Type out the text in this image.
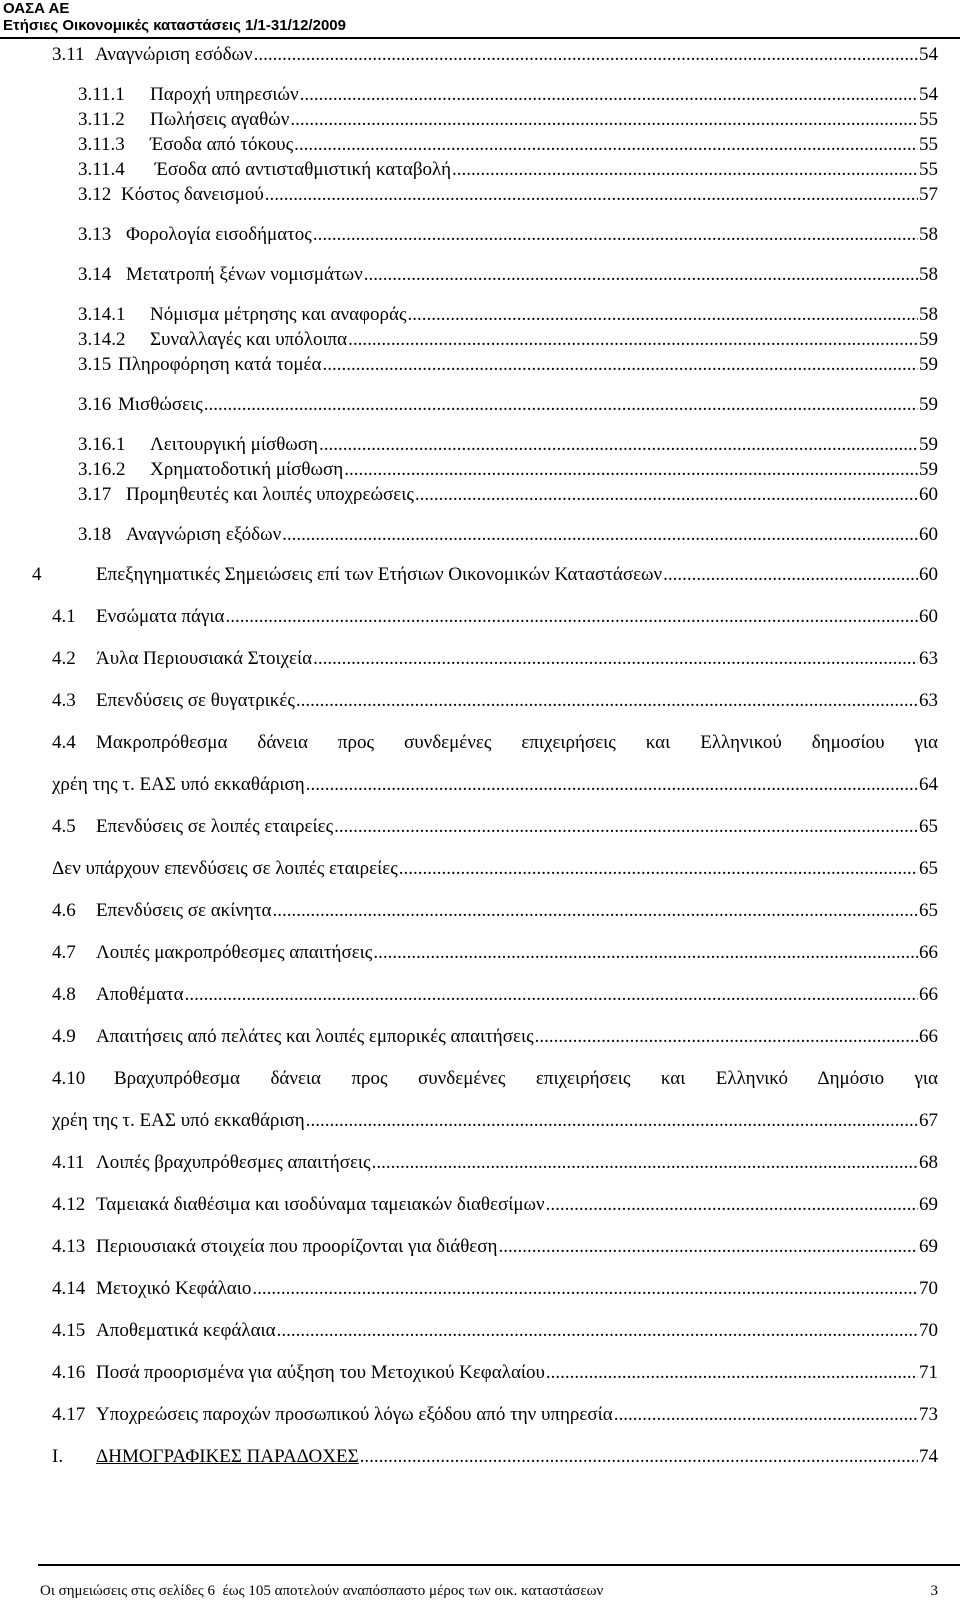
ΟΑΣΑ ΑΕ
Ετήσιες Οικονομικές καταστάσεις 1/1-31/12/2009
3.11 Αναγνώριση εσόδων .....	54
3.11.1	Παροχή υπηρεσιών .....	54
3.11.2	Πωλήσεις αγαθών .....	55
3.11.3	Έσοδα από τόκους .....	55
3.11.4	Έσοδα από αντισταθμιστική καταβολή .....	55
3.12 Κόστος δανεισμού .....	57
3.13 Φορολογία εισοδήματος .....	58
3.14 Μετατροπή ξένων νομισμάτων .....	58
3.14.1	Νόμισμα μέτρησης και αναφοράς .....	58
3.14.2	Συναλλαγές και υπόλοιπα .....	59
3.15 Πληροφόρηση κατά τομέα .....	59
3.16 Μισθώσεις .....	59
3.16.1	Λειτουργική μίσθωση .....	59
3.16.2	Χρηματοδοτική μίσθωση .....	59
3.17 Προμηθευτές και λοιπές υποχρεώσεις .....	60
3.18 Αναγνώριση εξόδων .....	60
4	Επεξηγηματικές Σημειώσεις επί των Ετήσιων Οικονομικών Καταστάσεων .....	60
4.1	Ενσώματα πάγια .....	60
4.2	Άυλα Περιουσιακά Στοιχεία .....	63
4.3	Επενδύσεις σε θυγατρικές .....	63
4.4	Μακροπρόθεσμα δάνεια προς συνδεμένες επιχειρήσεις και Ελληνικού δημοσίου για
χρέη της τ. ΕΑΣ υπό εκκαθάριση .....	64
4.5	Επενδύσεις σε λοιπές εταιρείες .....	65
Δεν υπάρχουν επενδύσεις σε λοιπές εταιρείες .....	65
4.6	Επενδύσεις σε ακίνητα .....	65
4.7	Λοιπές μακροπρόθεσμες απαιτήσεις .....	66
4.8	Αποθέματα .....	66
4.9	Απαιτήσεις από πελάτες και λοιπές εμπορικές απαιτήσεις .....	66
4.10	Βραχυπρόθεσμα δάνεια προς συνδεμένες επιχειρήσεις και Ελληνικό Δημόσιο για
χρέη της τ. ΕΑΣ υπό εκκαθάριση .....	67
4.11 Λοιπές βραχυπρόθεσμες απαιτήσεις .....	68
4.12 Ταμειακά διαθέσιμα και ισοδύναμα ταμειακών διαθεσίμων .....	69
4.13 Περιουσιακά στοιχεία που προορίζονται για διάθεση .....	69
4.14 Μετοχικό Κεφάλαιο .....	70
4.15 Αποθεματικά κεφάλαια .....	70
4.16 Ποσά προορισμένα για αύξηση του Μετοχικού Κεφαλαίου .....	71
4.17 Υποχρεώσεις παροχών προσωπικού λόγω εξόδου από την υπηρεσία .....	73
I.	ΔΗΜΟΓΡΑΦΙΚΕΣ ΠΑΡΑΔΟΧΕΣ .....	74
Οι σημειώσεις στις σελίδες 6  έως 105 αποτελούν αναπόσπαστο μέρος των οικ. καταστάσεων	3
